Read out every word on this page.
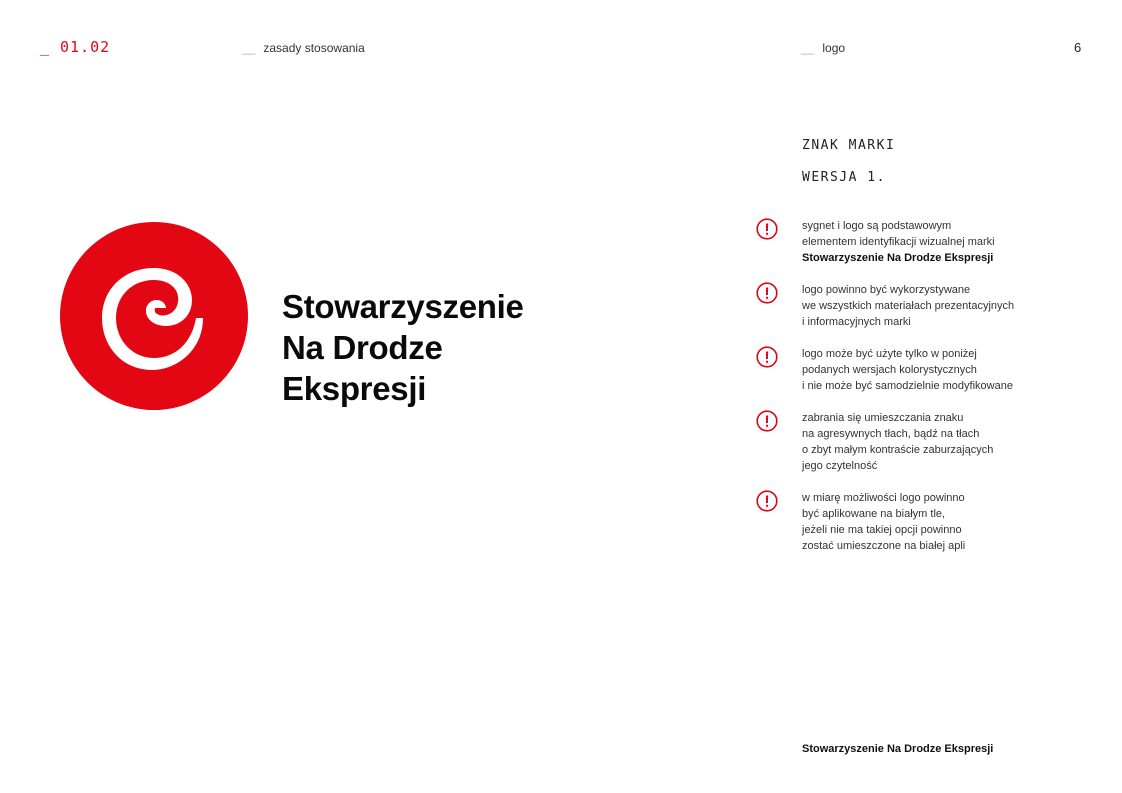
_ 01.02	__ zasady stosowania	__ logo	6
Stowarzyszenie
Na Drodze
Ekspresji
ZNAK MARKI
WERSJA 1.
sygnet i logo są podstawowym
elementem identyfikacji wizualnej marki
Stowarzyszenie Na Drodze Ekspresji
logo powinno być wykorzystywane
we wszystkich materiałach prezentacyjnych
i informacyjnych marki
logo może być użyte tylko w poniżej
podanych wersjach kolorystycznych
i nie może być samodzielnie modyfikowane
zabrania się umieszczania znaku
na agresywnych tłach, bądź na tłach
o zbyt małym kontraście zaburzających
jego czytelność
w miarę możliwości logo powinno
być aplikowane na białym tle,
jeżeli nie ma takiej opcji powinno
zostać umieszczone na białej apli
Stowarzyszenie Na Drodze Ekspresji
